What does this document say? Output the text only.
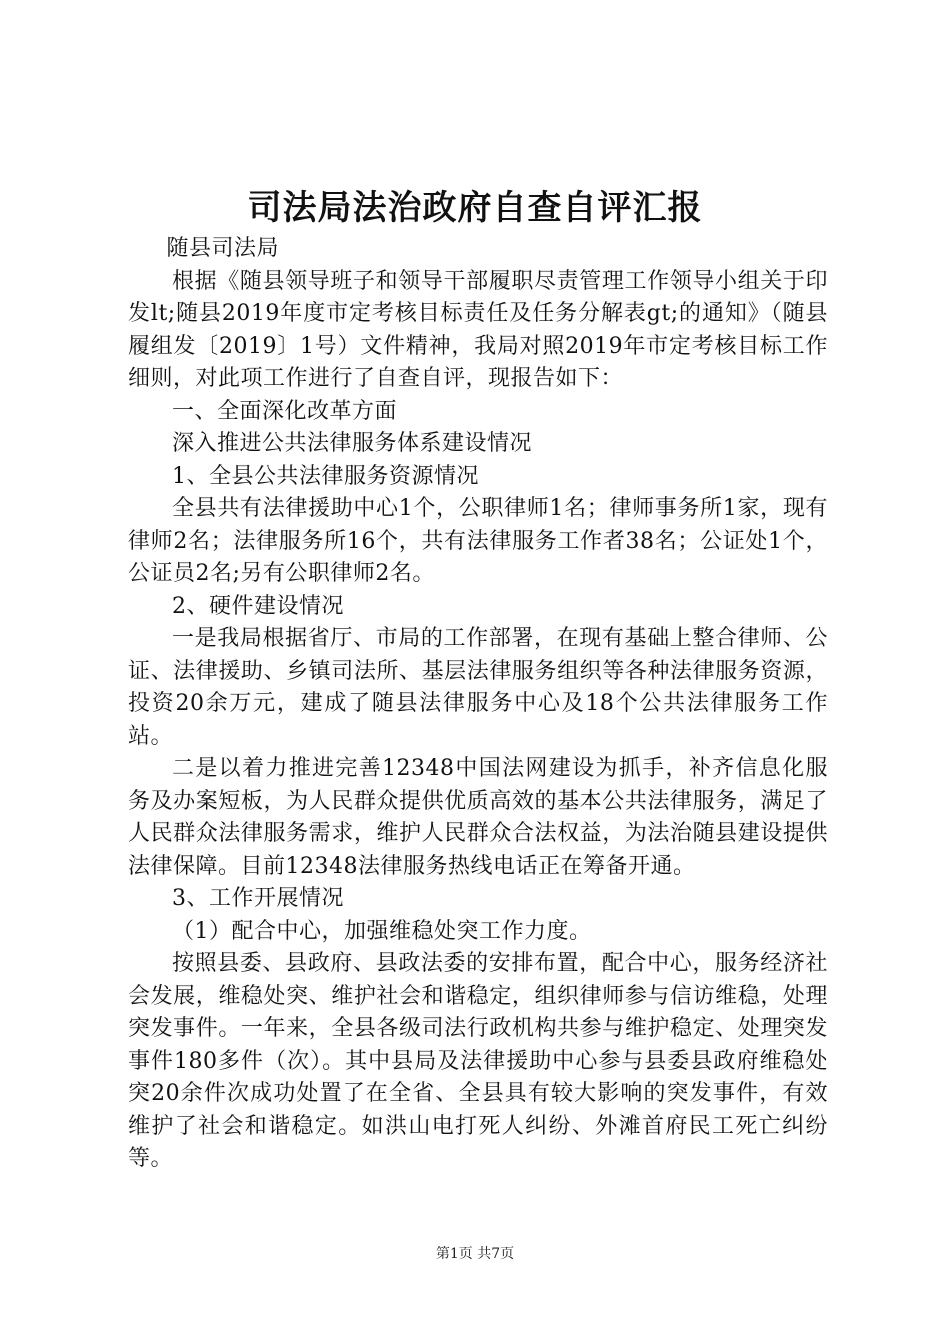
司法局法治政府自查自评汇报

随县司法局

根据《随县领导班子和领导干部履职尽责管理工作领导小组关于印发lt;随县2019年度市定考核目标责任及任务分解表gt;的通知》（随县履组发〔2019〕1号）文件精神，我局对照2019年市定考核目标工作细则，对此项工作进行了自查自评，现报告如下：

一、全面深化改革方面

深入推进公共法律服务体系建设情况

1、全县公共法律服务资源情况

全县共有法律援助中心1个，公职律师1名；律师事务所1家，现有律师2名；法律服务所16个，共有法律服务工作者38名；公证处1个，公证员2名;另有公职律师2名。

2、硬件建设情况

一是我局根据省厅、市局的工作部署，在现有基础上整合律师、公证、法律援助、乡镇司法所、基层法律服务组织等各种法律服务资源，投资20余万元，建成了随县法律服务中心及18个公共法律服务工作站。

二是以着力推进完善12348中国法网建设为抓手，补齐信息化服务及办案短板，为人民群众提供优质高效的基本公共法律服务，满足了人民群众法律服务需求，维护人民群众合法权益，为法治随县建设提供法律保障。目前12348法律服务热线电话正在筹备开通。

3、工作开展情况

（1）配合中心，加强维稳处突工作力度。

按照县委、县政府、县政法委的安排布置，配合中心，服务经济社会发展，维稳处突、维护社会和谐稳定，组织律师参与信访维稳，处理突发事件。一年来，全县各级司法行政机构共参与维护稳定、处理突发事件180多件（次）。其中县局及法律援助中心参与县委县政府维稳处突20余件次成功处置了在全省、全县具有较大影响的突发事件，有效维护了社会和谐稳定。如洪山电打死人纠纷、外滩首府民工死亡纠纷等。

第1页 共7页
